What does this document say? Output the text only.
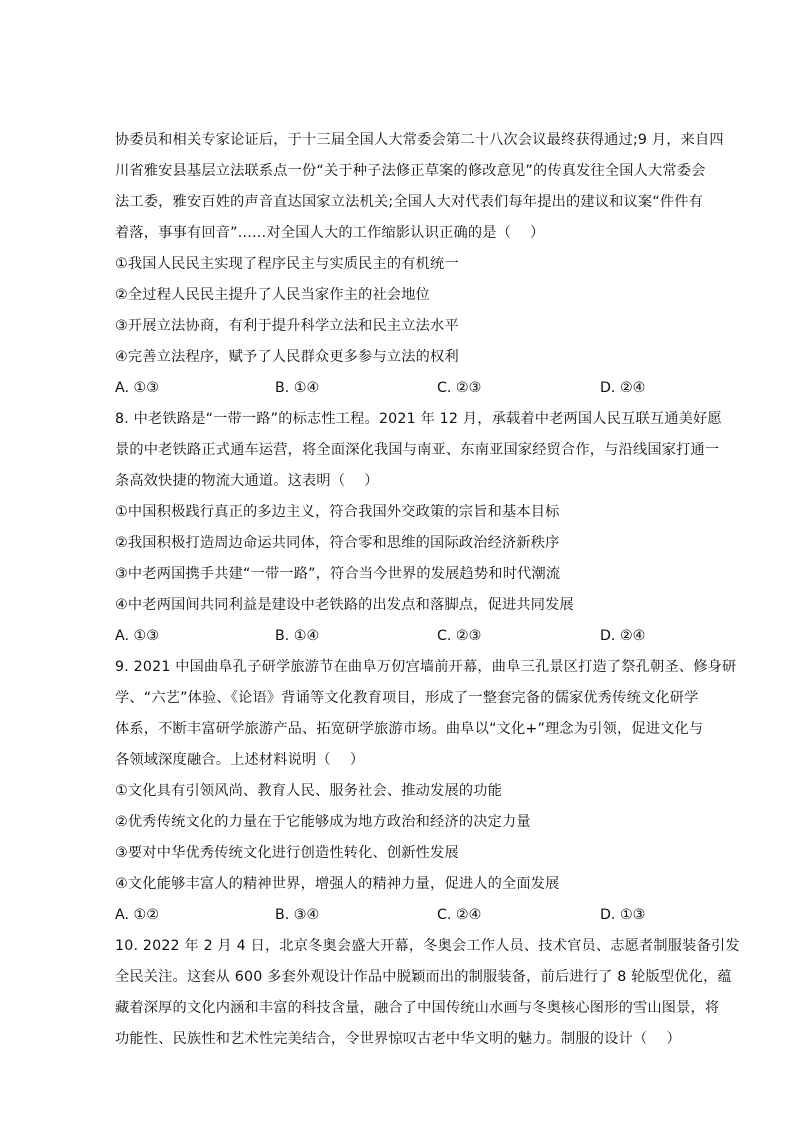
协委员和相关专家论证后，于十三届全国人大常委会第二十八次会议最终获得通过;9 月，来自四
川省雅安县基层立法联系点一份“关于种子法修正草案的修改意见”的传真发往全国人大常委会
法工委，雅安百姓的声音直达国家立法机关;全国人大对代表们每年提出的建议和议案“件件有
着落，事事有回音”……对全国人大的工作缩影认识正确的是（　 ）
①我国人民民主实现了程序民主与实质民主的有机统一
②全过程人民民主提升了人民当家作主的社会地位
③开展立法协商，有利于提升科学立法和民主立法水平
④完善立法程序，赋予了人民群众更多参与立法的权利
A. ①③	B. ①④	C. ②③	D. ②④
8. 中老铁路是“一带一路”的标志性工程。2021 年 12 月，承载着中老两国人民互联互通美好愿
景的中老铁路正式通车运营，将全面深化我国与南亚、东南亚国家经贸合作，与沿线国家打通一
条高效快捷的物流大通道。这表明（　 ）
①中国积极践行真正的多边主义，符合我国外交政策的宗旨和基本目标
②我国积极打造周边命运共同体，符合零和思维的国际政治经济新秩序
③中老两国携手共建“一带一路”，符合当今世界的发展趋势和时代潮流
④中老两国间共同利益是建设中老铁路的出发点和落脚点，促进共同发展
A. ①③	B. ①④	C. ②③	D. ②④
9. 2021 中国曲阜孔子研学旅游节在曲阜万仞宫墙前开幕，曲阜三孔景区打造了祭孔朝圣、修身研
学、“六艺”体验、《论语》背诵等文化教育项目，形成了一整套完备的儒家优秀传统文化研学
体系，不断丰富研学旅游产品、拓宽研学旅游市场。曲阜以“文化+”理念为引领，促进文化与
各领域深度融合。上述材料说明（　 ）
①文化具有引领风尚、教育人民、服务社会、推动发展的功能
②优秀传统文化的力量在于它能够成为地方政治和经济的决定力量
③要对中华优秀传统文化进行创造性转化、创新性发展
④文化能够丰富人的精神世界，增强人的精神力量，促进人的全面发展
A. ①②	B. ③④	C. ②④	D. ①③
10. 2022 年 2 月 4 日，北京冬奥会盛大开幕，冬奥会工作人员、技术官员、志愿者制服装备引发
全民关注。这套从 600 多套外观设计作品中脱颖而出的制服装备，前后进行了 8 轮版型优化，蕴
藏着深厚的文化内涵和丰富的科技含量，融合了中国传统山水画与冬奥核心图形的雪山图景，将
功能性、民族性和艺术性完美结合，令世界惊叹古老中华文明的魅力。制服的设计（　 ）
